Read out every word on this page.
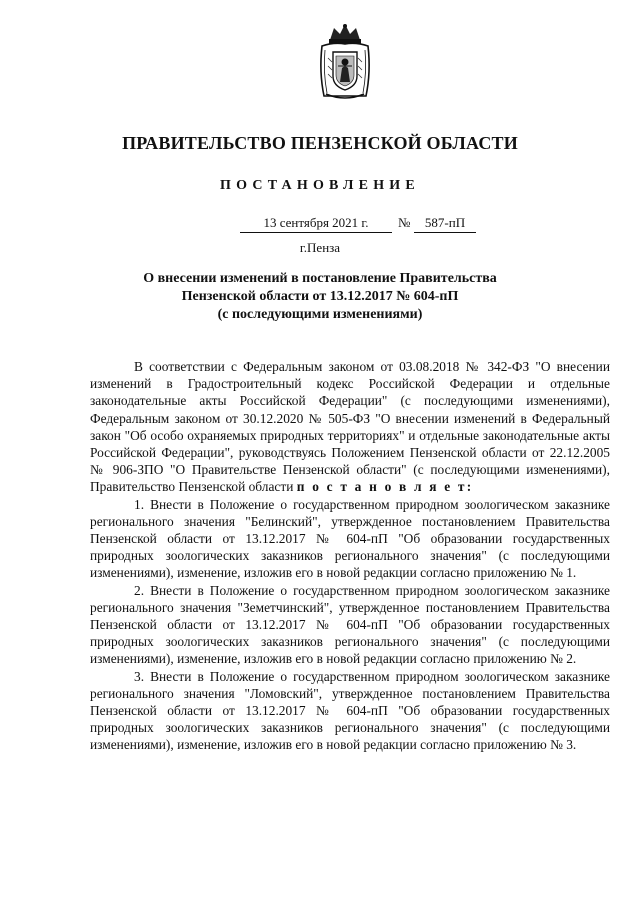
ПРАВИТЕЛЬСТВО ПЕНЗЕНСКОЙ ОБЛАСТИ
ПОСТАНОВЛЕНИЕ
13 сентября 2021 г.	№	587-пП
г.Пенза
О внесении изменений в постановление Правительства
Пензенской области от 13.12.2017 № 604-пП
(с последующими изменениями)

В соответствии с Федеральным законом от 03.08.2018 № 342-ФЗ "О внесении изменений в Градостроительный кодекс Российской Федерации и отдельные законодательные акты Российской Федерации" (с последующими изменениями), Федеральным законом от 30.12.2020 № 505-ФЗ "О внесении изменений в Федеральный закон "Об особо охраняемых природных территориях" и отдельные законодательные акты Российской Федерации", руководствуясь Положением Пензенской области от 22.12.2005 № 906-ЗПО "О Правительстве Пензенской области" (с последующими изменениями), Правительство Пензенской области п о с т а н о в л я е т:

1. Внести в Положение о государственном природном зоологическом заказнике регионального значения "Белинский", утвержденное постановлением Правительства Пензенской области от 13.12.2017 № 604-пП "Об образовании государственных природных зоологических заказников регионального значения" (с последующими изменениями), изменение, изложив его в новой редакции согласно приложению № 1.

2. Внести в Положение о государственном природном зоологическом заказнике регионального значения "Земетчинский", утвержденное постановлением Правительства Пензенской области от 13.12.2017 № 604-пП "Об образовании государственных природных зоологических заказников регионального значения" (с последующими изменениями), изменение, изложив его в новой редакции согласно приложению № 2.

3. Внести в Положение о государственном природном зоологическом заказнике регионального значения "Ломовский", утвержденное постановлением Правительства Пензенской области от 13.12.2017 № 604-пП "Об образовании государственных природных зоологических заказников регионального значения" (с последующими изменениями), изменение, изложив его в новой редакции согласно приложению № 3.
